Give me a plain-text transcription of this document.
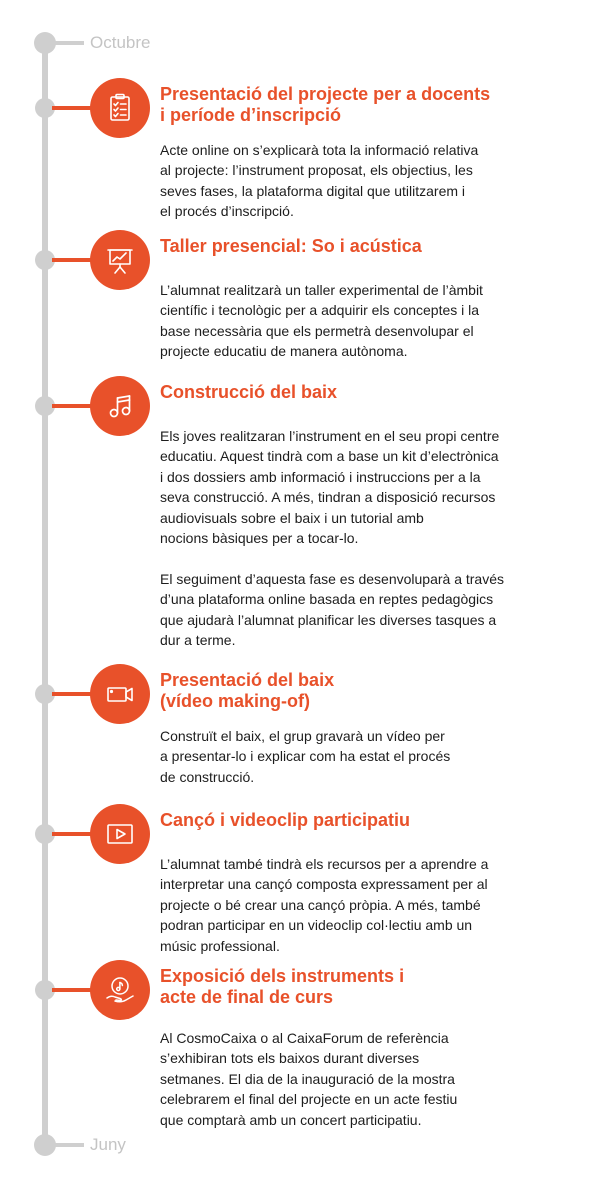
Octubre
Presentació del projecte per a docents
i període d’inscripció
Acte online on s’explicarà tota la informació relativa
al projecte: l’instrument proposat, els objectius, les
seves fases, la plataforma digital que utilitzarem i
el procés d’inscripció.
Taller presencial: So i acústica
L’alumnat realitzarà un taller experimental de l’àmbit
científic i tecnològic per a adquirir els conceptes i la
base necessària que els permetrà desenvolupar el
projecte educatiu de manera autònoma.
Construcció del baix
Els joves realitzaran l’instrument en el seu propi centre
educatiu. Aquest tindrà com a base un kit d’electrònica
i dos dossiers amb informació i instruccions per a la
seva construcció. A més, tindran a disposició recursos
audiovisuals sobre el baix i un tutorial amb
nocions bàsiques per a tocar-lo.

El seguiment d’aquesta fase es desenvoluparà a través
d’una plataforma online basada en reptes pedagògics
que ajudarà l’alumnat planificar les diverses tasques a
dur a terme.
Presentació del baix
(vídeo making-of)
Construït el baix, el grup gravarà un vídeo per
a presentar-lo i explicar com ha estat el procés
de construcció.
Cançó i videoclip participatiu
L’alumnat també tindrà els recursos per a aprendre a
interpretar una cançó composta expressament per al
projecte o bé crear una cançó pròpia. A més, també
podran participar en un videoclip col·lectiu amb un
músic professional.
Exposició dels instruments i
acte de final de curs
Al CosmoCaixa o al CaixaForum de referència
s’exhibiran tots els baixos durant diverses
setmanes. El dia de la inauguració de la mostra
celebrarem el final del projecte en un acte festiu
que comptarà amb un concert participatiu.
Juny
